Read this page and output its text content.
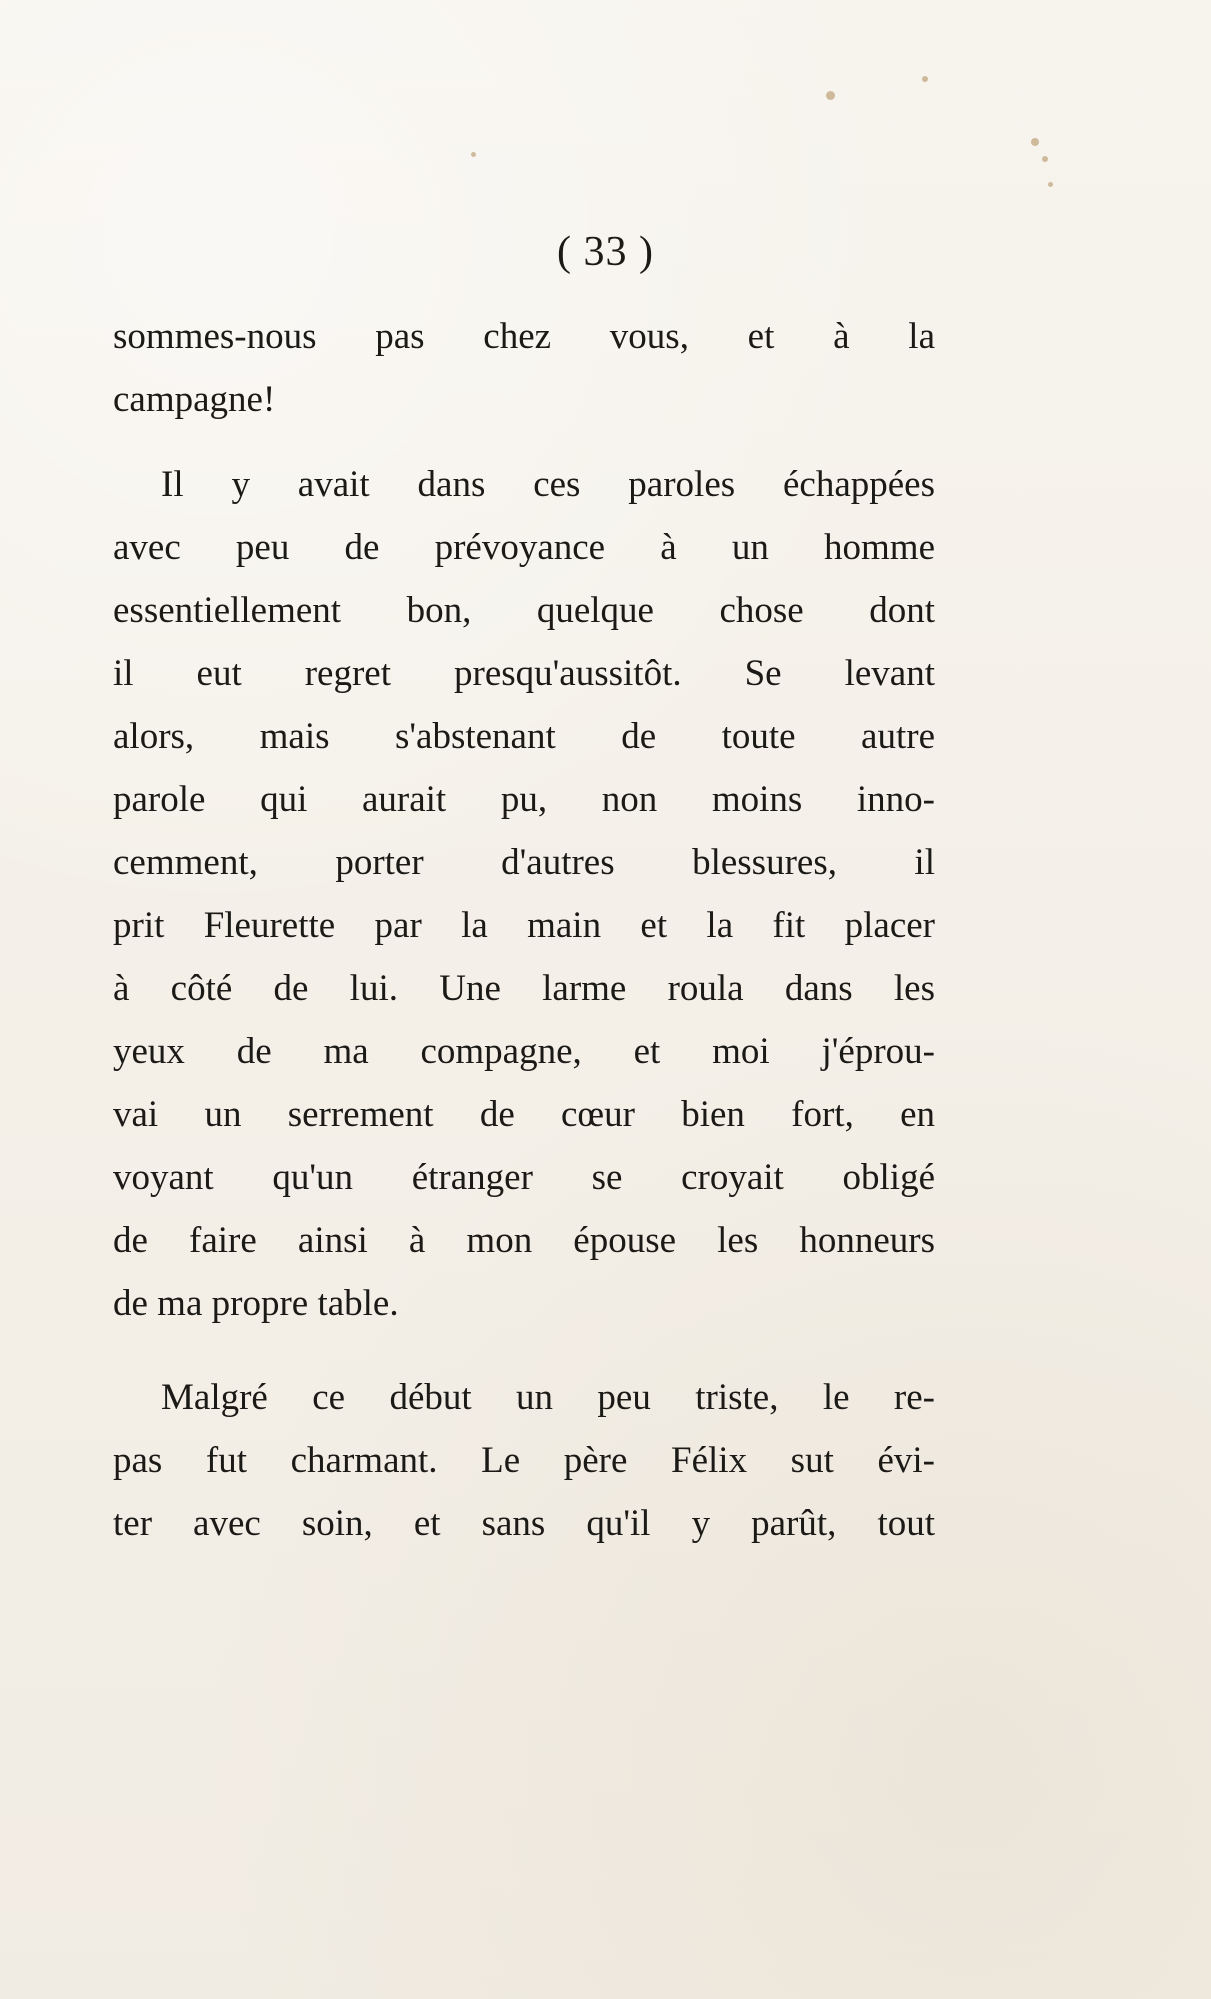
( 33 )

sommes-nous pas chez vous, et à la
campagne!

Il y avait dans ces paroles échappées
avec peu de prévoyance à un homme
essentiellement bon, quelque chose dont
il eut regret presqu'aussitôt. Se levant
alors, mais s'abstenant de toute autre
parole qui aurait pu, non moins inno-
cemment, porter d'autres blessures, il
prit Fleurette par la main et la fit placer
à côté de lui. Une larme roula dans les
yeux de ma compagne, et moi j'éprou-
vai un serrement de cœur bien fort, en
voyant qu'un étranger se croyait obligé
de faire ainsi à mon épouse les honneurs
de ma propre table.

Malgré ce début un peu triste, le re-
pas fut charmant. Le père Félix sut évi-
ter avec soin, et sans qu'il y parût, tout
